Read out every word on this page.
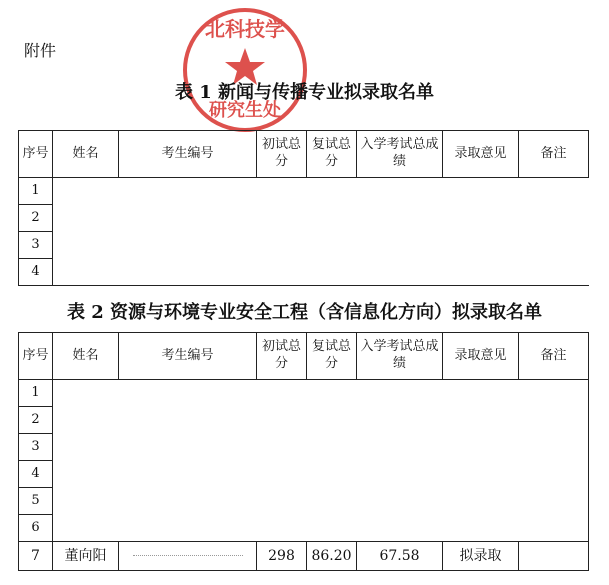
附件
北科技学
研究生处
表 1 新闻与传播专业拟录取名单
序号	姓名	考生编号	初试总分	复试总分	入学考试总成绩	录取意见	备注
1							
2							
3							
4							
表 2 资源与环境专业安全工程（含信息化方向）拟录取名单
序号	姓名	考生编号	初试总分	复试总分	入学考试总成绩	录取意见	备注
1							
2							
3							
4							
5							
6							
7	董向阳		298	86.20	67.58	拟录取	
